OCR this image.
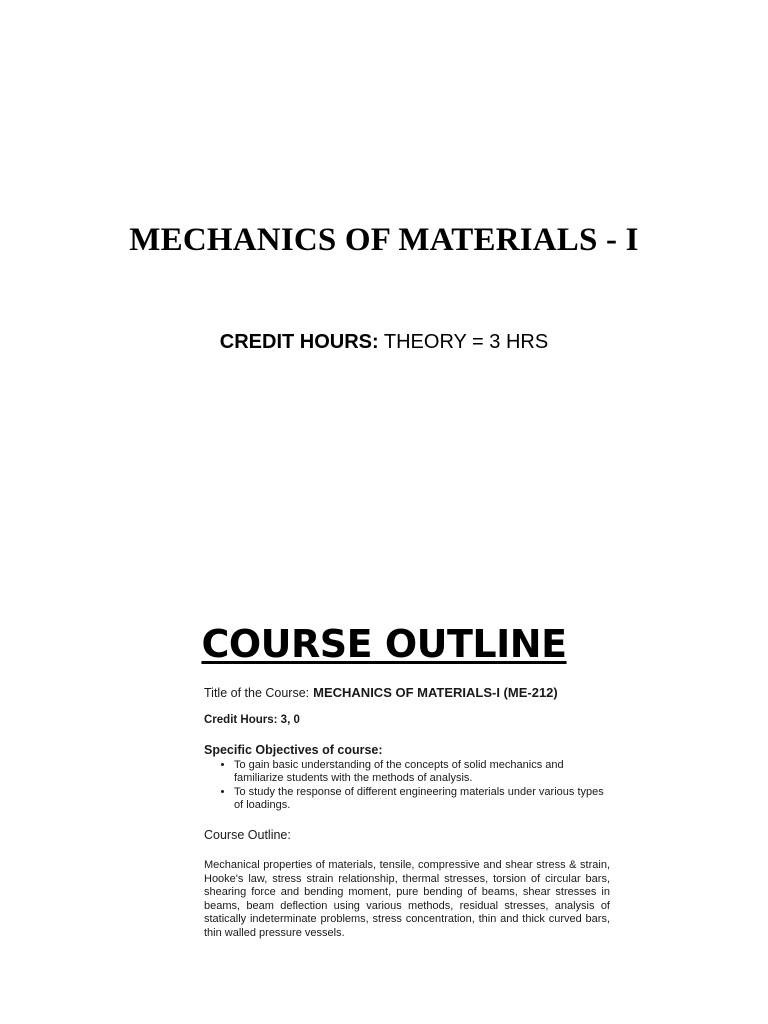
MECHANICS OF MATERIALS - I

CREDIT HOURS: THEORY = 3 HRS

COURSE OUTLINE

Title of the Course: MECHANICS OF MATERIALS-I (ME-212)

Credit Hours: 3, 0

Specific Objectives of course:

• To gain basic understanding of the concepts of solid mechanics and familiarize students with the methods of analysis.
• To study the response of different engineering materials under various types of loadings.

Course Outline:

Mechanical properties of materials, tensile, compressive and shear stress & strain, Hooke's law, stress strain relationship, thermal stresses, torsion of circular bars, shearing force and bending moment, pure bending of beams, shear stresses in beams, beam deflection using various methods, residual stresses, analysis of statically indeterminate problems, stress concentration, thin and thick curved bars, thin walled pressure vessels.
